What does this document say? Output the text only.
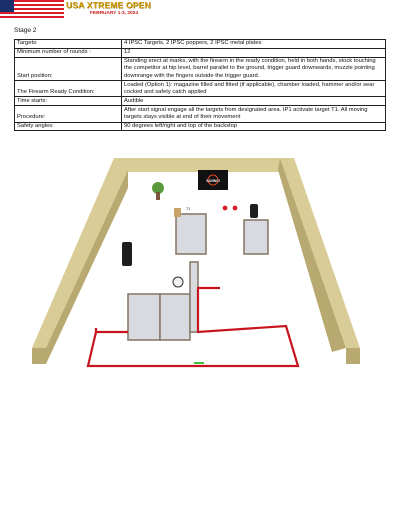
USA XTREME OPEN
FEBRUARY 1-3, 2024
Stage 2
Targets:	4 IPSC Targets, 2 IPSC poppers, 2 IPSC metal plates
Minimum number of rounds :	12
Start position:	Standing erect at marks, with the firearm in the ready condition, held in both hands, stock touching the competitor at hip level, barrel parallel to the ground, trigger guard downwards, muzzle pointing downrange with the fingers outside the trigger guard.
The Firearm Ready Condition:	Loaded (Option 1): magazine filled and fitted (if applicable), chamber loaded, hammer and/or sear cocked and safety catch applied
Time starts:	Audible
Procedure:	After start signal engage all the targets from designated area. IP1 activate target T1. All moving targets stays visible at end of their movement
Safety angles:	90 degrees left/right and top of the backstop
SAVINCI
T1
